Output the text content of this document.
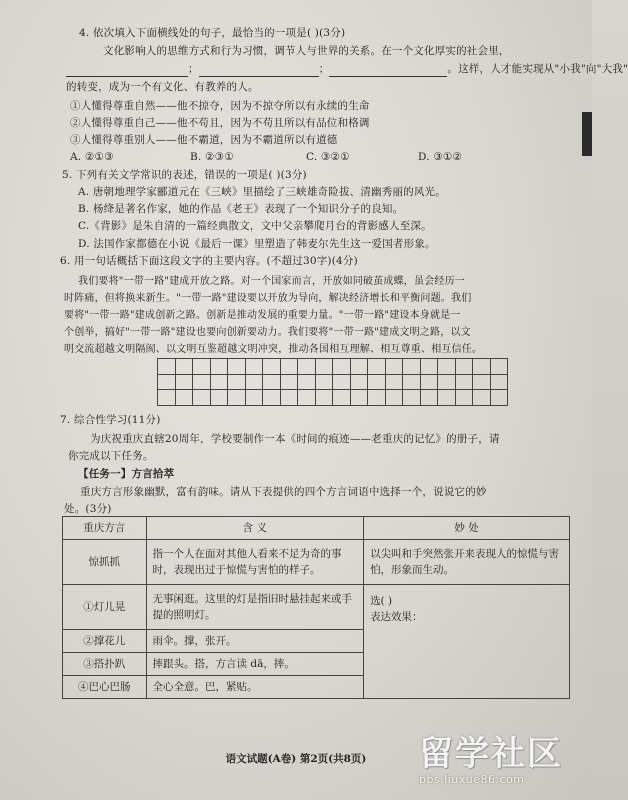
4. 依次填入下面横线处的句子，最恰当的一项是( )(3分)
文化影响人的思维方式和行为习惯，调节人与世界的关系。在一个文化厚实的社会里，
；	；	。这样，人才能实现从"小我"向"大我"
的转变，成为一个有文化、有教养的人。
①人懂得尊重自然——他不掠夺，因为不掠夺所以有永续的生命
②人懂得尊重自己——他不苟且，因为不苟且所以有品位和格调
③人懂得尊重别人——他不霸道，因为不霸道所以有道德
A. ②①③	B. ②③①	C. ③②①	D. ③①②
5. 下列有关文学常识的表述，错误的一项是( )(3分)
A. 唐朝地理学家郦道元在《三峡》里描绘了三峡雄奇险拔、清幽秀丽的风光。
B. 杨绛是著名作家，她的作品《老王》表现了一个知识分子的良知。
C.《背影》是朱自清的一篇经典散文，文中父亲攀爬月台的背影感人至深。
D. 法国作家都德在小说《最后一课》里塑造了韩麦尔先生这一爱国者形象。
6. 用一句话概括下面这段文字的主要内容。(不超过30字)(4分)
我们要将"一带一路"建成开放之路。对一个国家而言，开放如同破茧成蝶，虽会经历一
时阵痛，但将换来新生。"一带一路"建设要以开放为导向，解决经济增长和平衡问题。我们
要将"一带一路"建成创新之路。创新是推动发展的重要力量。"一带一路"建设本身就是一
个创举，搞好"一带一路"建设也要向创新要动力。我们要将"一带一路"建成文明之路，以文
明交流超越文明隔阂、以文明互鉴超越文明冲突，推动各国相互理解、相互尊重、相互信任。

7. 综合性学习(11分)
为庆祝重庆直辖20周年，学校要制作一本《时间的痕迹——老重庆的记忆》的册子，请
你完成以下任务。
【任务一】方言拾萃
重庆方言形象幽默，富有韵味。请从下表提供的四个方言词语中选择一个，说说它的妙
处。(3分)
重庆方言	含 义	妙 处
惊抓抓	指一个人在面对其他人看来不足为奇的事时，表现出过于惊慌与害怕的样子。	以尖叫和手突然张开来表现人的惊慌与害怕，形象而生动。
①灯儿晃	无事闲逛。这里的灯是指旧时悬挂起来或手提的照明灯。	选( )
表达效果：

②撑花儿	雨伞。撑，张开。	
③搭扑趴	摔跟头。搭，方言读 dā，摔。	
④巴心巴肠	全心全意。巴，紧贴。	
语文试题(A卷) 第2页(共8页)	留学社区
bbs.liuxue86.com
